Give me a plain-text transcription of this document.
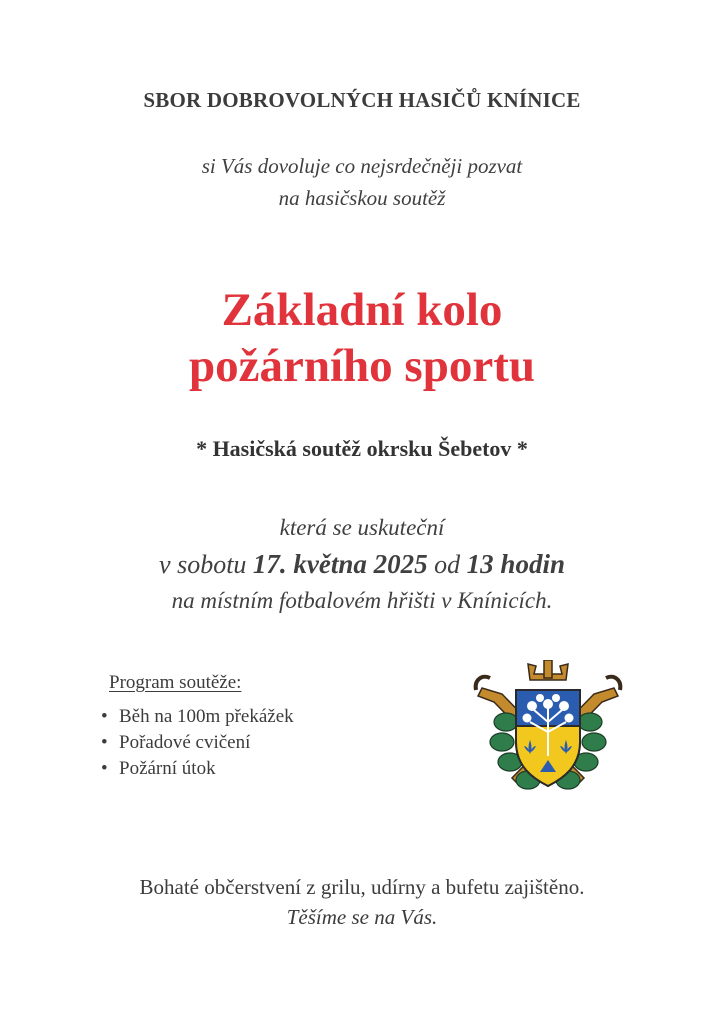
SBOR DOBROVOLNÝCH HASIČŮ KNÍNICE
si Vás dovoluje co nejsrdečněji pozvat
na hasičskou soutěž
Základní kolo
požárního sportu
* Hasičská soutěž okrsku Šebetov *
která se uskuteční
v sobotu 17. května 2025 od 13 hodin
na místním fotbalovém hřišti v Knínicích.
Program soutěže:
• Běh na 100m překážek
• Pořadové cvičení
• Požární útok
Bohaté občerstvení z grilu, udírny a bufetu zajištěno.
Těšíme se na Vás.
